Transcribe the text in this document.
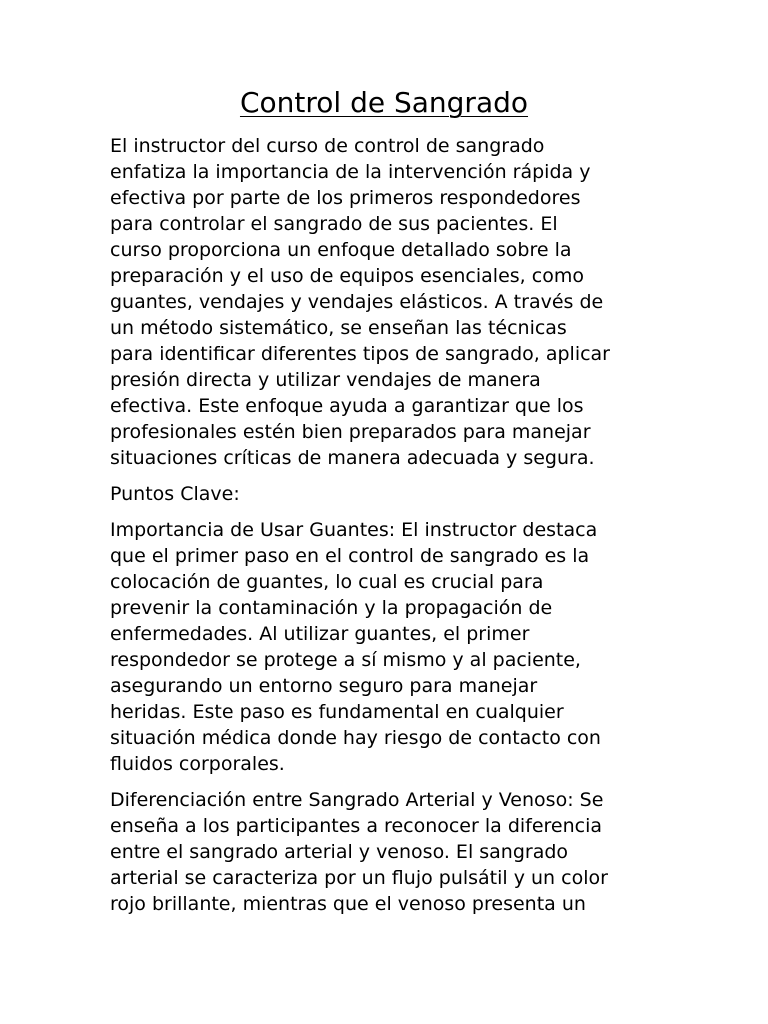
Control de Sangrado

El instructor del curso de control de sangrado
enfatiza la importancia de la intervención rápida y
efectiva por parte de los primeros respondedores
para controlar el sangrado de sus pacientes. El
curso proporciona un enfoque detallado sobre la
preparación y el uso de equipos esenciales, como
guantes, vendajes y vendajes elásticos. A través de
un método sistemático, se enseñan las técnicas
para identificar diferentes tipos de sangrado, aplicar
presión directa y utilizar vendajes de manera
efectiva. Este enfoque ayuda a garantizar que los
profesionales estén bien preparados para manejar
situaciones críticas de manera adecuada y segura.

Puntos Clave:

Importancia de Usar Guantes: El instructor destaca
que el primer paso en el control de sangrado es la
colocación de guantes, lo cual es crucial para
prevenir la contaminación y la propagación de
enfermedades. Al utilizar guantes, el primer
respondedor se protege a sí mismo y al paciente,
asegurando un entorno seguro para manejar
heridas. Este paso es fundamental en cualquier
situación médica donde hay riesgo de contacto con
fluidos corporales.

Diferenciación entre Sangrado Arterial y Venoso: Se
enseña a los participantes a reconocer la diferencia
entre el sangrado arterial y venoso. El sangrado
arterial se caracteriza por un flujo pulsátil y un color
rojo brillante, mientras que el venoso presenta un
